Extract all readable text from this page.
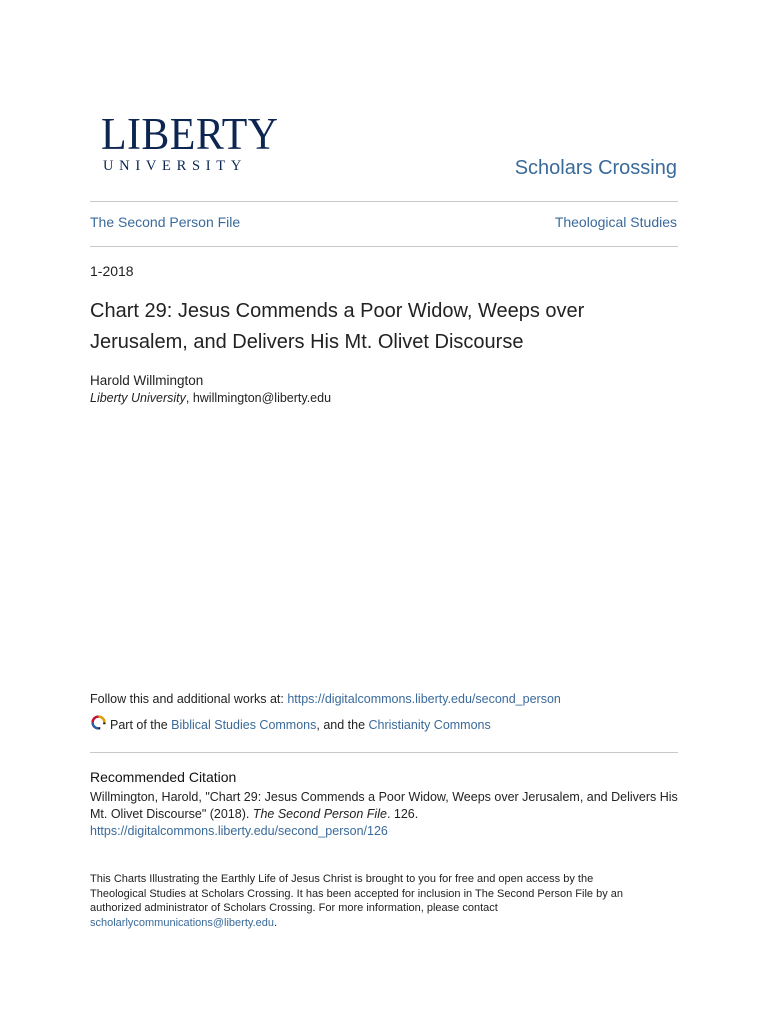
LIBERTY
UNIVERSITY	Scholars Crossing
The Second Person File	Theological Studies
1-2018
Chart 29: Jesus Commends a Poor Widow, Weeps over Jerusalem, and Delivers His Mt. Olivet Discourse
Harold Willmington
Liberty University, hwillmington@liberty.edu
Follow this and additional works at: https://digitalcommons.liberty.edu/second_person
Part of the
Biblical Studies Commons , and the Christianity Commons
Recommended Citation
Willmington, Harold, "Chart 29: Jesus Commends a Poor Widow, Weeps over Jerusalem, and Delivers His Mt. Olivet Discourse" (2018). The Second Person File. 126.
https://digitalcommons.liberty.edu/second_person/126
This Charts Illustrating the Earthly Life of Jesus Christ is brought to you for free and open access by the Theological Studies at Scholars Crossing. It has been accepted for inclusion in The Second Person File by an authorized administrator of Scholars Crossing. For more information, please contact scholarlycommunications@liberty.edu.
